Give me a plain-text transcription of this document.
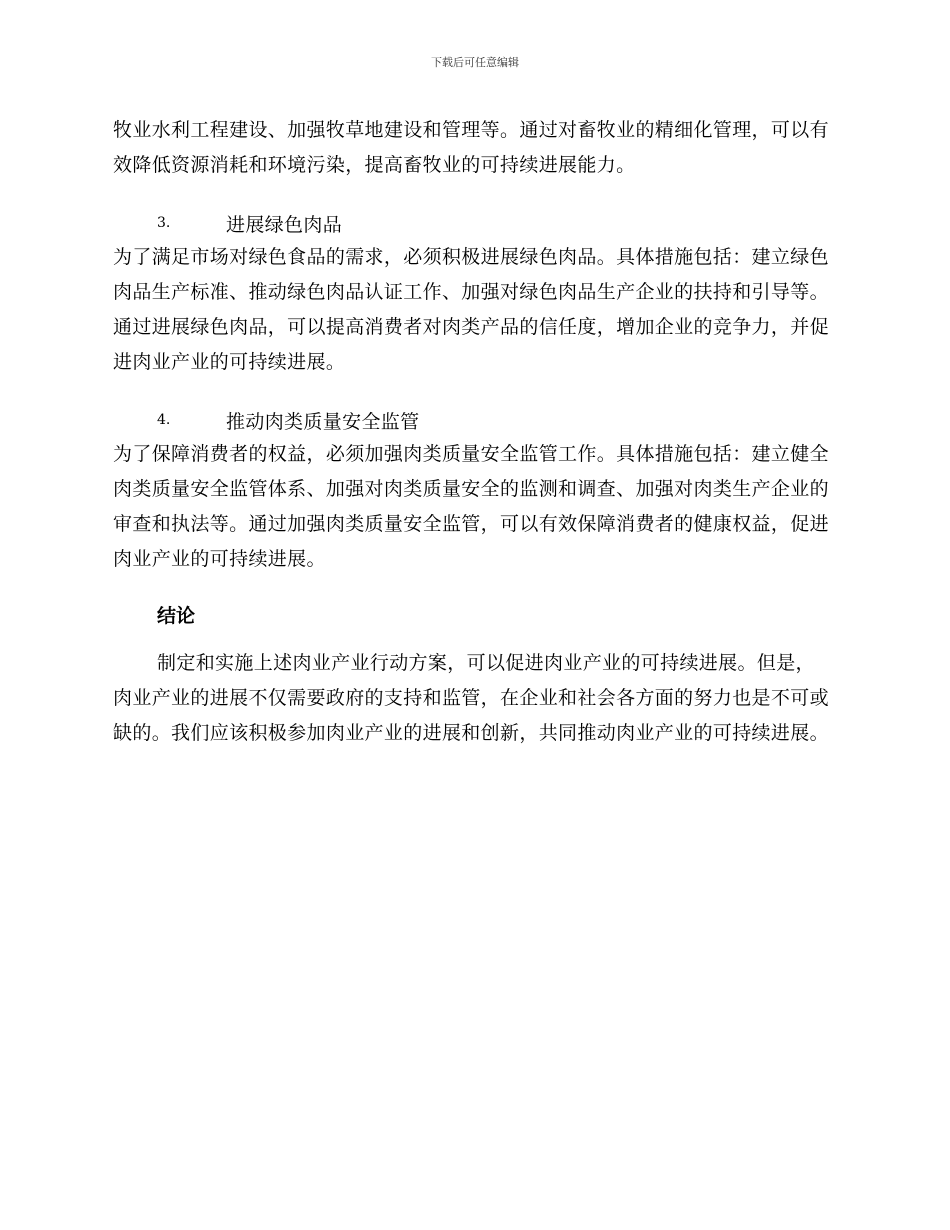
下载后可任意编辑

牧业水利工程建设、加强牧草地建设和管理等。通过对畜牧业的精细化管理，可以有效降低资源消耗和环境污染，提高畜牧业的可持续进展能力。

3.	进展绿色肉品

为了满足市场对绿色食品的需求，必须积极进展绿色肉品。具体措施包括：建立绿色肉品生产标准、推动绿色肉品认证工作、加强对绿色肉品生产企业的扶持和引导等。通过进展绿色肉品，可以提高消费者对肉类产品的信任度，增加企业的竞争力，并促进肉业产业的可持续进展。

4.	推动肉类质量安全监管

为了保障消费者的权益，必须加强肉类质量安全监管工作。具体措施包括：建立健全肉类质量安全监管体系、加强对肉类质量安全的监测和调查、加强对肉类生产企业的审查和执法等。通过加强肉类质量安全监管，可以有效保障消费者的健康权益，促进肉业产业的可持续进展。

结论

制定和实施上述肉业产业行动方案，可以促进肉业产业的可持续进展。但是，肉业产业的进展不仅需要政府的支持和监管，在企业和社会各方面的努力也是不可或缺的。我们应该积极参加肉业产业的进展和创新，共同推动肉业产业的可持续进展。
